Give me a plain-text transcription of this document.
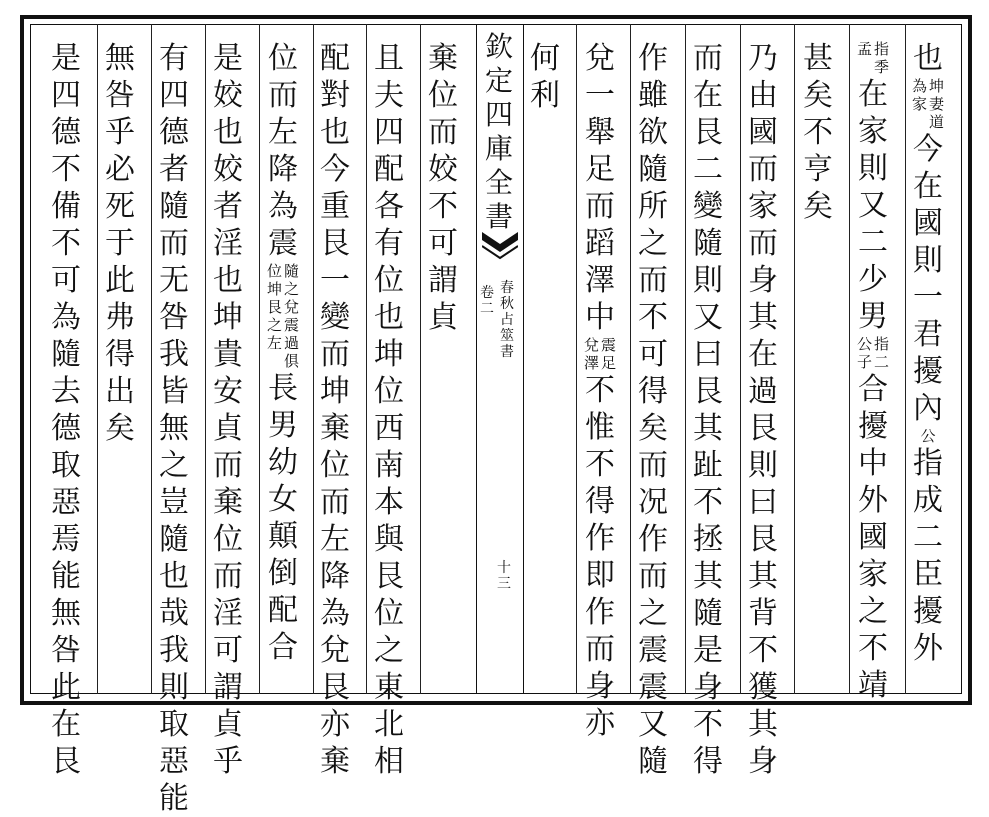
欽
定
四
庫
全
書
春
秋
占
筮
書
卷
二
十
三
也
坤
妻
道
為
家
今
在
國
則
一
君
擾
內
公
指
成
二
臣
擾
外
指
季
孟
在
家
則
又
二
少
男
指
二
公
子
合
擾
中
外
國
家
之
不
靖
甚
矣
不
亨
矣
乃
由
國
而
家
而
身
其
在
過
艮
則
曰
艮
其
背
不
獲
其
身
而
在
艮
二
變
隨
則
又
曰
艮
其
趾
不
拯
其
隨
是
身
不
得
作
雖
欲
隨
所
之
而
不
可
得
矣
而
况
作
而
之
震
震
又
隨
兌
一
舉
足
而
蹈
澤
中
震
足
兌
澤
不
惟
不
得
作
即
作
而
身
亦
何
利
棄
位
而
姣
不
可
謂
貞
且
夫
四
配
各
有
位
也
坤
位
西
南
本
與
艮
位
之
東
北
相
配
對
也
今
重
艮
一
變
而
坤
棄
位
而
左
降
為
兌
艮
亦
棄
位
而
左
降
為
震
隨
之
兌
震
過
俱
位
坤
艮
之
左
長
男
幼
女
顛
倒
配
合
是
姣
也
姣
者
淫
也
坤
貴
安
貞
而
棄
位
而
淫
可
謂
貞
乎
有
四
德
者
隨
而
无
咎
我
皆
無
之
豈
隨
也
哉
我
則
取
惡
能
無
咎
乎
必
死
于
此
弗
得
出
矣
是
四
德
不
備
不
可
為
隨
去
德
取
惡
焉
能
無
咎
此
在
艮
